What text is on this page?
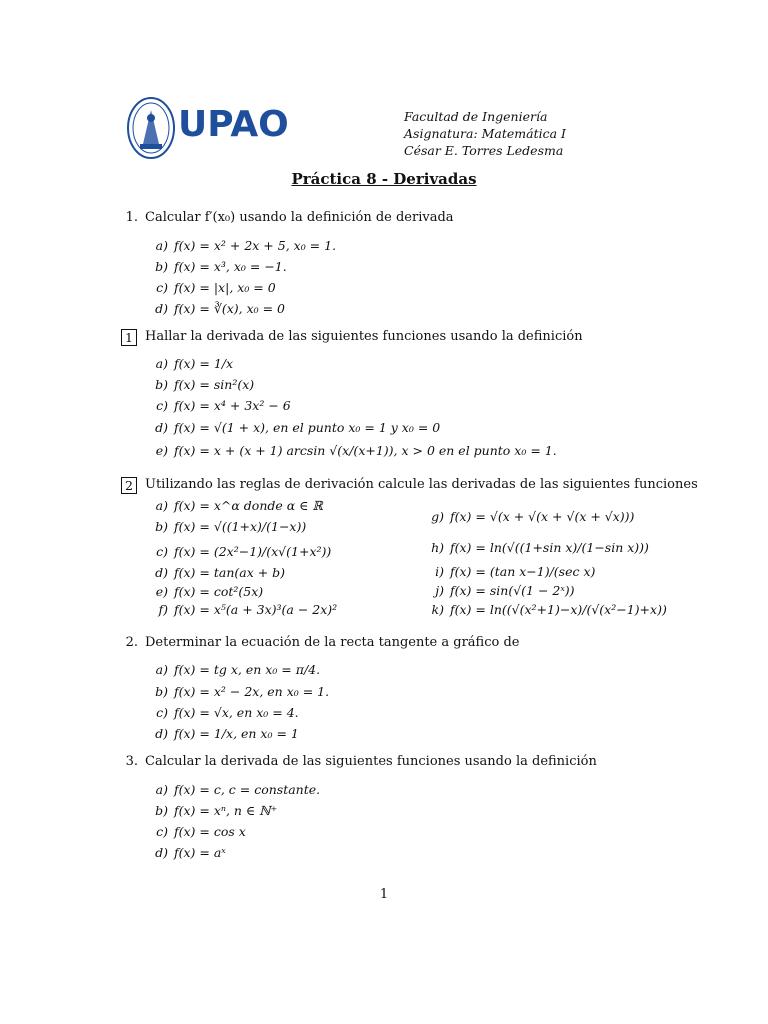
UPAO	Facultad de Ingeniería
Asignatura: Matemática I
César E. Torres Ledesma
Práctica 8 - Derivadas
1. Calcular f′(x₀) usando la definición de derivada
a) f(x) = x² + 2x + 5, x₀ = 1.
b) f(x) = x³, x₀ = −1.
c) f(x) = |x|, x₀ = 0
d) f(x) = ∛(x), x₀ = 0
1 Hallar la derivada de las siguientes funciones usando la definición
a) f(x) = 1/x
b) f(x) = sin²(x)
c) f(x) = x⁴ + 3x² − 6
d) f(x) = √(1 + x), en el punto x₀ = 1 y x₀ = 0
e) f(x) = x + (x + 1) arcsin √(x/(x+1)), x > 0 en el punto x₀ = 1.
2 Utilizando las reglas de derivación calcule las derivadas de las siguientes funciones
a) f(x) = x^α donde α ∈ ℝ
b) f(x) = √((1+x)/(1−x))
c) f(x) = (2x²−1)/(x√(1+x²))
d) f(x) = tan(ax + b)
e) f(x) = cot²(5x)
f) f(x) = x⁵(a + 3x)³(a − 2x)²
g) f(x) = √(x + √(x + √(x + √x)))
h) f(x) = ln(√((1+sin x)/(1−sin x)))
i) f(x) = (tan x−1)/(sec x)
j) f(x) = sin(√(1 − 2ˣ))
k) f(x) = ln((√(x²+1)−x)/(√(x²−1)+x))
2. Determinar la ecuación de la recta tangente a gráfico de
a) f(x) = tg x, en x₀ = π/4.
b) f(x) = x² − 2x, en x₀ = 1.
c) f(x) = √x, en x₀ = 4.
d) f(x) = 1/x, en x₀ = 1
3. Calcular la derivada de las siguientes funciones usando la definición
a) f(x) = c, c = constante.
b) f(x) = xⁿ, n ∈ ℕ⁺
c) f(x) = cos x
d) f(x) = aˣ
1
